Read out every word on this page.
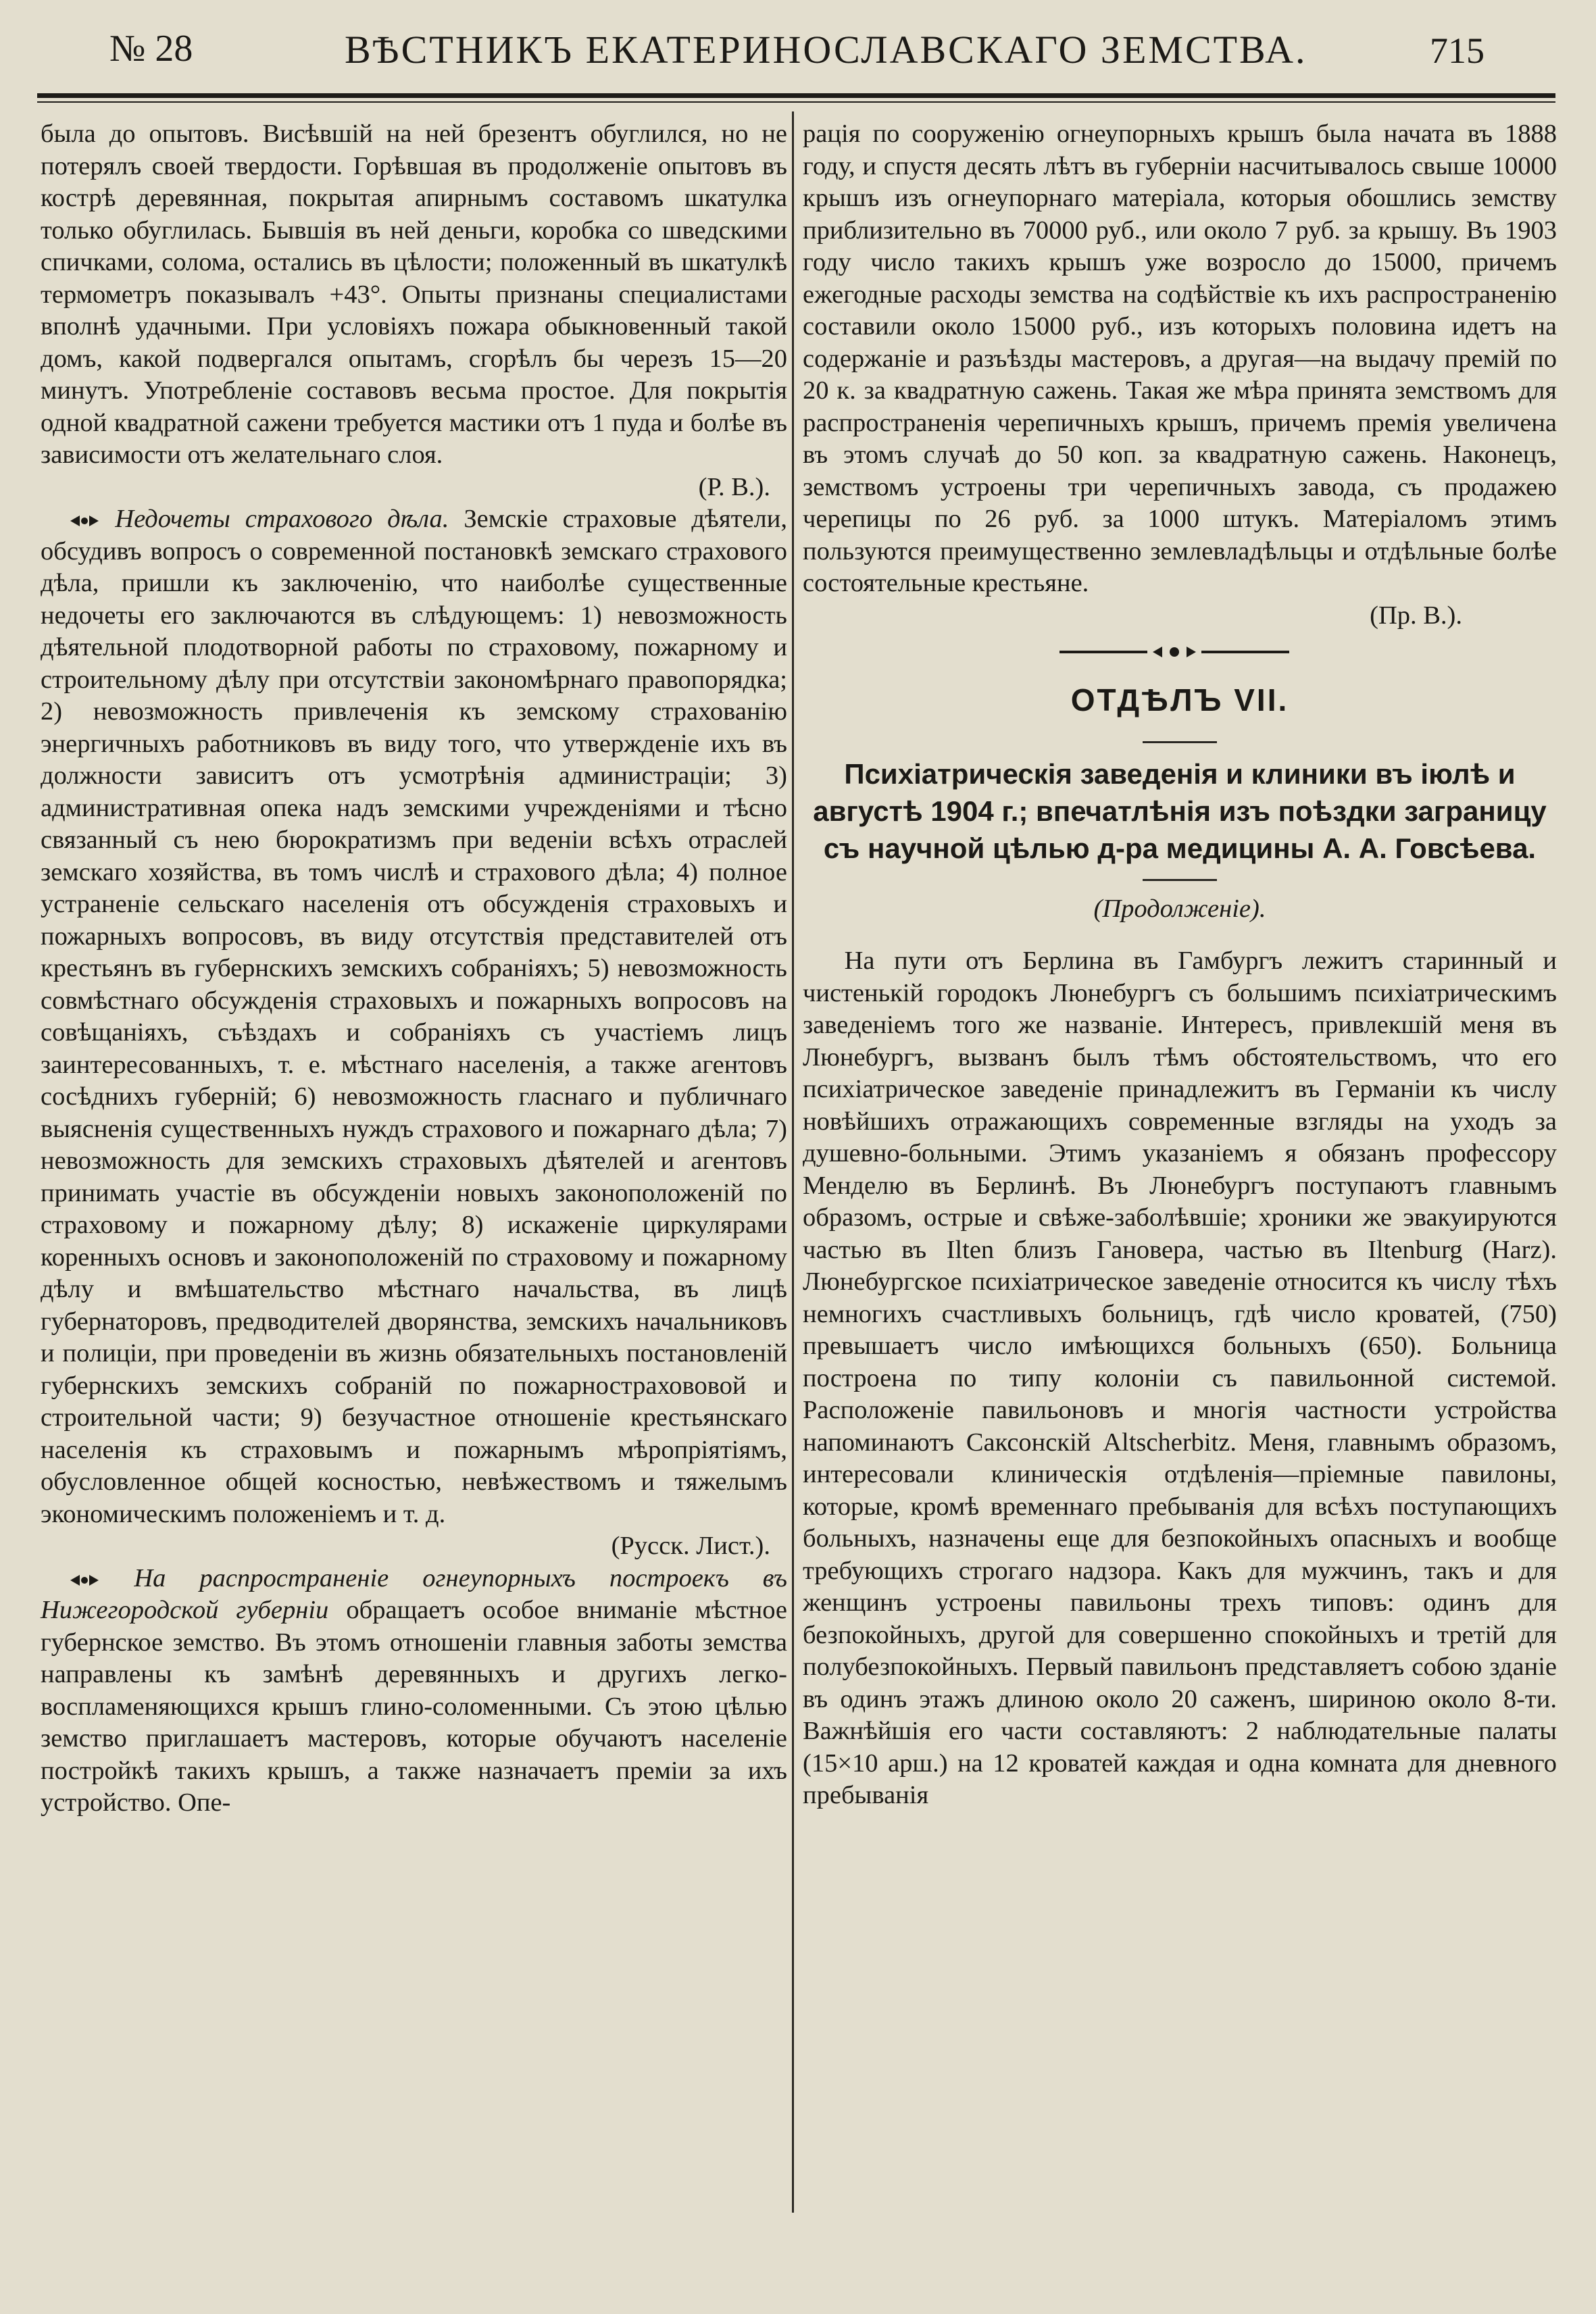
№ 28	ВѢСТНИКЪ ЕКАТЕРИНОСЛАВСКАГО ЗЕМСТВА.	715

была до опытовъ. Висѣвшій на ней брезентъ обуглился, но не потерялъ своей твердости. Горѣвшая въ продолженіе опытовъ въ кострѣ деревянная, покрытая апирнымъ составомъ шкатулка только обуглилась. Бывшія въ ней деньги, коробка со шведскими спичками, солома, остались въ цѣлости; положенный въ шкатулкѣ термометръ показывалъ +43°. Опыты признаны специалистами вполнѣ удачными. При условіяхъ пожара обыкновенный такой домъ, какой подвергался опытамъ, сгорѣлъ бы черезъ 15—20 минутъ. Употребленіе составовъ весьма простое. Для покрытія одной квадратной сажени требуется мастики отъ 1 пуда и болѣе въ зависимости отъ желательнаго слоя.

(Р. В.).

Недочеты страхового дѣла. Земскіе страховые дѣятели, обсудивъ вопросъ о современной постановкѣ земскаго страхового дѣла, пришли къ заключенію, что наиболѣе существенные недочеты его заключаются въ слѣдующемъ: 1) невозможность дѣятельной плодотворной работы по страховому, пожарному и строительному дѣлу при отсутствіи закономѣрнаго правопорядка; 2) невозможность привлеченія къ земскому страхованію энергичныхъ работниковъ въ виду того, что утвержденіе ихъ въ должности зависитъ отъ усмотрѣнія администраціи; 3) административная опека надъ земскими учрежденіями и тѣсно связанный съ нею бюрократизмъ при веденіи всѣхъ отраслей земскаго хозяйства, въ томъ числѣ и страхового дѣла; 4) полное устраненіе сельскаго населенія отъ обсужденія страховыхъ и пожарныхъ вопросовъ, въ виду отсутствія представителей отъ крестьянъ въ губернскихъ земскихъ собраніяхъ; 5) невозможность совмѣстнаго обсужденія страховыхъ и пожарныхъ вопросовъ на совѣщаніяхъ, съѣздахъ и собраніяхъ съ участіемъ лицъ заинтересованныхъ, т. е. мѣстнаго населенія, а также агентовъ сосѣднихъ губерній; 6) невозможность гласнаго и публичнаго выясненія существенныхъ нуждъ страхового и пожарнаго дѣла; 7) невозможность для земскихъ страховыхъ дѣятелей и агентовъ принимать участіе въ обсужденіи новыхъ законоположеній по страховому и пожарному дѣлу; 8) искаженіе циркулярами коренныхъ основъ и законоположеній по страховому и пожарному дѣлу и вмѣшательство мѣстнаго начальства, въ лицѣ губернаторовъ, предводителей дворянства, земскихъ начальниковъ и полиціи, при проведеніи въ жизнь обязательныхъ постановленій губернскихъ земскихъ собраній по пожарнострахововой и строительной части; 9) безучастное отношеніе крестьянскаго населенія къ страховымъ и пожарнымъ мѣропріятіямъ, обусловленное общей косностью, невѣжествомъ и тяжелымъ экономическимъ положеніемъ и т. д.

(Русск. Лист.).

На распространеніе огнеупорныхъ построекъ въ Нижегородской губерніи обращаетъ особое вниманіе мѣстное губернское земство. Въ этомъ отношеніи главныя заботы земства направлены къ замѣнѣ деревянныхъ и другихъ легко-воспламеняющихся крышъ глино-соломенными. Съ этою цѣлью земство приглашаетъ мастеровъ, которые обучаютъ населеніе постройкѣ такихъ крышъ, а также назначаетъ преміи за ихъ устройство. Опе-

рація по сооруженію огнеупорныхъ крышъ была начата въ 1888 году, и спустя десять лѣтъ въ губерніи насчитывалось свыше 10000 крышъ изъ огнеупорнаго матеріала, которыя обошлись земству приблизительно въ 70000 руб., или около 7 руб. за крышу. Въ 1903 году число такихъ крышъ уже возросло до 15000, причемъ ежегодные расходы земства на содѣйствіе къ ихъ распространенію составили около 15000 руб., изъ которыхъ половина идетъ на содержаніе и разъѣзды мастеровъ, а другая—на выдачу премій по 20 к. за квадратную сажень. Такая же мѣра принята земствомъ для распространенія черепичныхъ крышъ, причемъ премія увеличена въ этомъ случаѣ до 50 коп. за квадратную сажень. Наконецъ, земствомъ устроены три черепичныхъ завода, съ продажею черепицы по 26 руб. за 1000 штукъ. Матеріаломъ этимъ пользуются преимущественно землевладѣльцы и отдѣльные болѣе состоятельные крестьяне.

(Пр. В.).

ОТДѢЛЪ VII.
Психіатрическія заведенія и клиники въ іюлѣ и августѣ 1904 г.; впечатлѣнія изъ поѣздки заграницу съ научной цѣлью д-ра медицины А. А. Говсѣева.
(Продолженіе).

На пути отъ Берлина въ Гамбургъ лежитъ старинный и чистенькій городокъ Люнебургъ съ большимъ психіатрическимъ заведеніемъ того же названіе. Интересъ, привлекшій меня въ Люнебургъ, вызванъ былъ тѣмъ обстоятельствомъ, что его психіатрическое заведеніе принадлежитъ въ Германіи къ числу новѣйшихъ отражающихъ современные взгляды на уходъ за душевно-больными. Этимъ указаніемъ я обязанъ профессору Менделю въ Берлинѣ. Въ Люнебургъ поступаютъ главнымъ образомъ, острые и свѣже-заболѣвшіе; хроники же эвакуируются частью въ Ilten близъ Гановера, частью въ Iltenburg (Harz). Люнебургское психіатрическое заведеніе относится къ числу тѣхъ немногихъ счастливыхъ больницъ, гдѣ число кроватей, (750) превышаетъ число имѣющихся больныхъ (650). Больница построена по типу колоніи съ павильонной системой. Расположеніе павильоновъ и многія частности устройства напоминаютъ Саксонскій Altscherbitz. Меня, главнымъ образомъ, интересовали клиническія отдѣленія—пріемные павилоны, которые, кромѣ временнаго пребыванія для всѣхъ поступающихъ больныхъ, назначены еще для безпокойныхъ опасныхъ и вообще требующихъ строгаго надзора. Какъ для мужчинъ, такъ и для женщинъ устроены павильоны трехъ типовъ: одинъ для безпокойныхъ, другой для совершенно спокойныхъ и третій для полубезпокойныхъ. Первый павильонъ представляетъ собою зданіе въ одинъ этажъ длиною около 20 саженъ, шириною около 8-ти. Важнѣйшія его части составляютъ: 2 наблюдательные палаты (15×10 арш.) на 12 кроватей каждая и одна комната для дневного пребыванія
